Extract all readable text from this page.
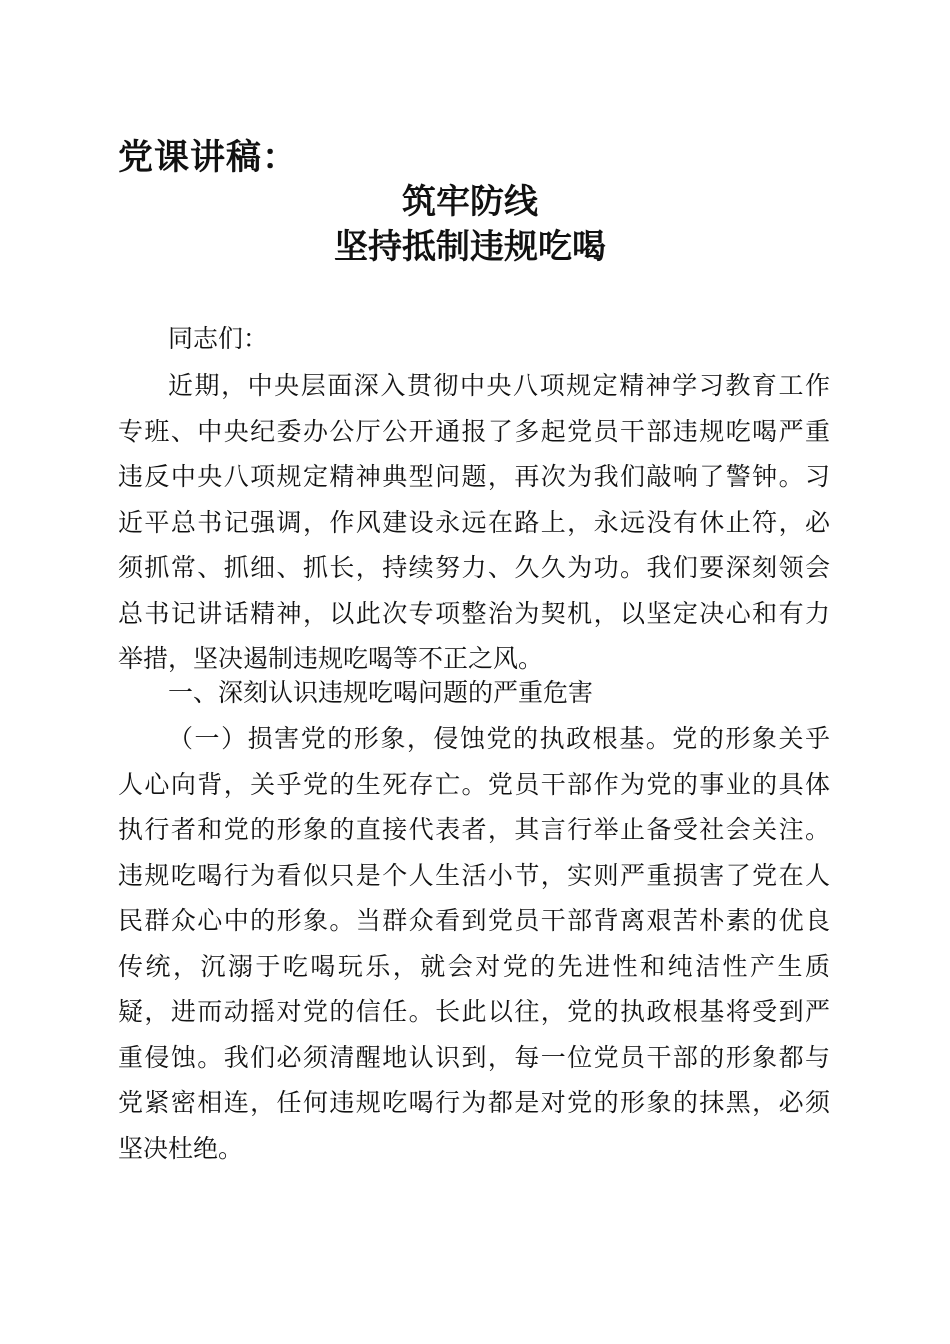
党课讲稿：
筑牢防线
坚持抵制违规吃喝
同志们：
近期，中央层面深入贯彻中央八项规定精神学习教育工作
专班、中央纪委办公厅公开通报了多起党员干部违规吃喝严重
违反中央八项规定精神典型问题，再次为我们敲响了警钟。习
近平总书记强调，作风建设永远在路上，永远没有休止符，必
须抓常、抓细、抓长，持续努力、久久为功。我们要深刻领会
总书记讲话精神，以此次专项整治为契机，以坚定决心和有力
举措，坚决遏制违规吃喝等不正之风。
一、深刻认识违规吃喝问题的严重危害
（一）损害党的形象，侵蚀党的执政根基。党的形象关乎
人心向背，关乎党的生死存亡。党员干部作为党的事业的具体
执行者和党的形象的直接代表者，其言行举止备受社会关注。
违规吃喝行为看似只是个人生活小节，实则严重损害了党在人
民群众心中的形象。当群众看到党员干部背离艰苦朴素的优良
传统，沉溺于吃喝玩乐，就会对党的先进性和纯洁性产生质
疑，进而动摇对党的信任。长此以往，党的执政根基将受到严
重侵蚀。我们必须清醒地认识到，每一位党员干部的形象都与
党紧密相连，任何违规吃喝行为都是对党的形象的抹黑，必须
坚决杜绝。
